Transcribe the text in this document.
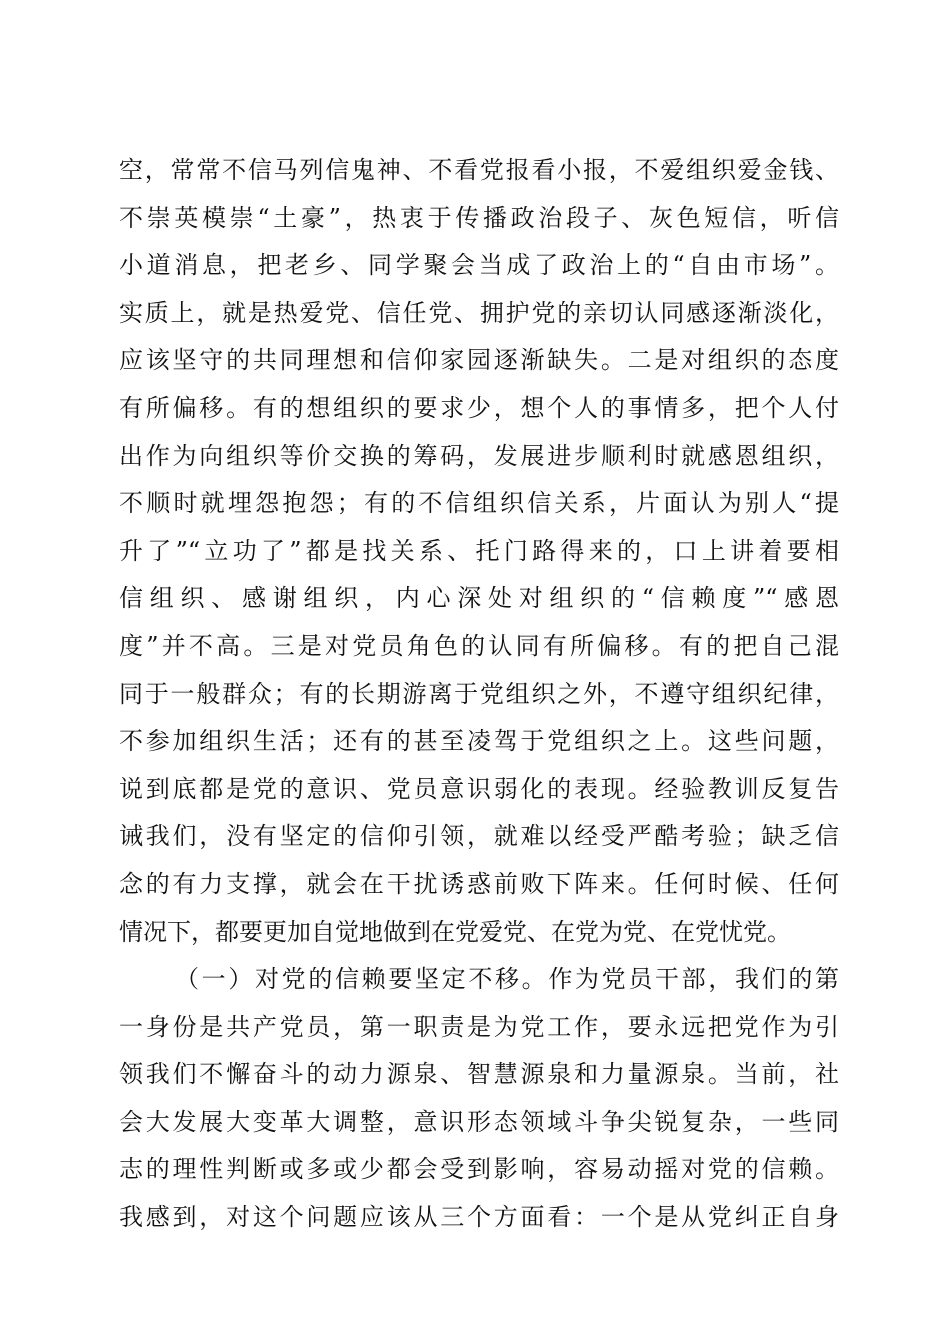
空，常常不信马列信鬼神、不看党报看小报，不爱组织爱金钱、
不崇英模崇“土豪”，热衷于传播政治段子、灰色短信，听信
小道消息，把老乡、同学聚会当成了政治上的“自由市场”。
实质上，就是热爱党、信任党、拥护党的亲切认同感逐渐淡化，
应该坚守的共同理想和信仰家园逐渐缺失。二是对组织的态度
有所偏移。有的想组织的要求少，想个人的事情多，把个人付
出作为向组织等价交换的筹码，发展进步顺利时就感恩组织，
不顺时就埋怨抱怨；有的不信组织信关系，片面认为别人“提
升了”“立功了”都是找关系、托门路得来的，口上讲着要相
信组织、感谢组织，内心深处对组织的“信赖度”“感恩
度”并不高。三是对党员角色的认同有所偏移。有的把自己混
同于一般群众；有的长期游离于党组织之外，不遵守组织纪律，
不参加组织生活；还有的甚至凌驾于党组织之上。这些问题，
说到底都是党的意识、党员意识弱化的表现。经验教训反复告
诫我们，没有坚定的信仰引领，就难以经受严酷考验；缺乏信
念的有力支撑，就会在干扰诱惑前败下阵来。任何时候、任何
情况下，都要更加自觉地做到在党爱党、在党为党、在党忧党。
（一）对党的信赖要坚定不移。作为党员干部，我们的第
一身份是共产党员，第一职责是为党工作，要永远把党作为引
领我们不懈奋斗的动力源泉、智慧源泉和力量源泉。当前，社
会大发展大变革大调整，意识形态领域斗争尖锐复杂，一些同
志的理性判断或多或少都会受到影响，容易动摇对党的信赖。
我感到，对这个问题应该从三个方面看：一个是从党纠正自身
